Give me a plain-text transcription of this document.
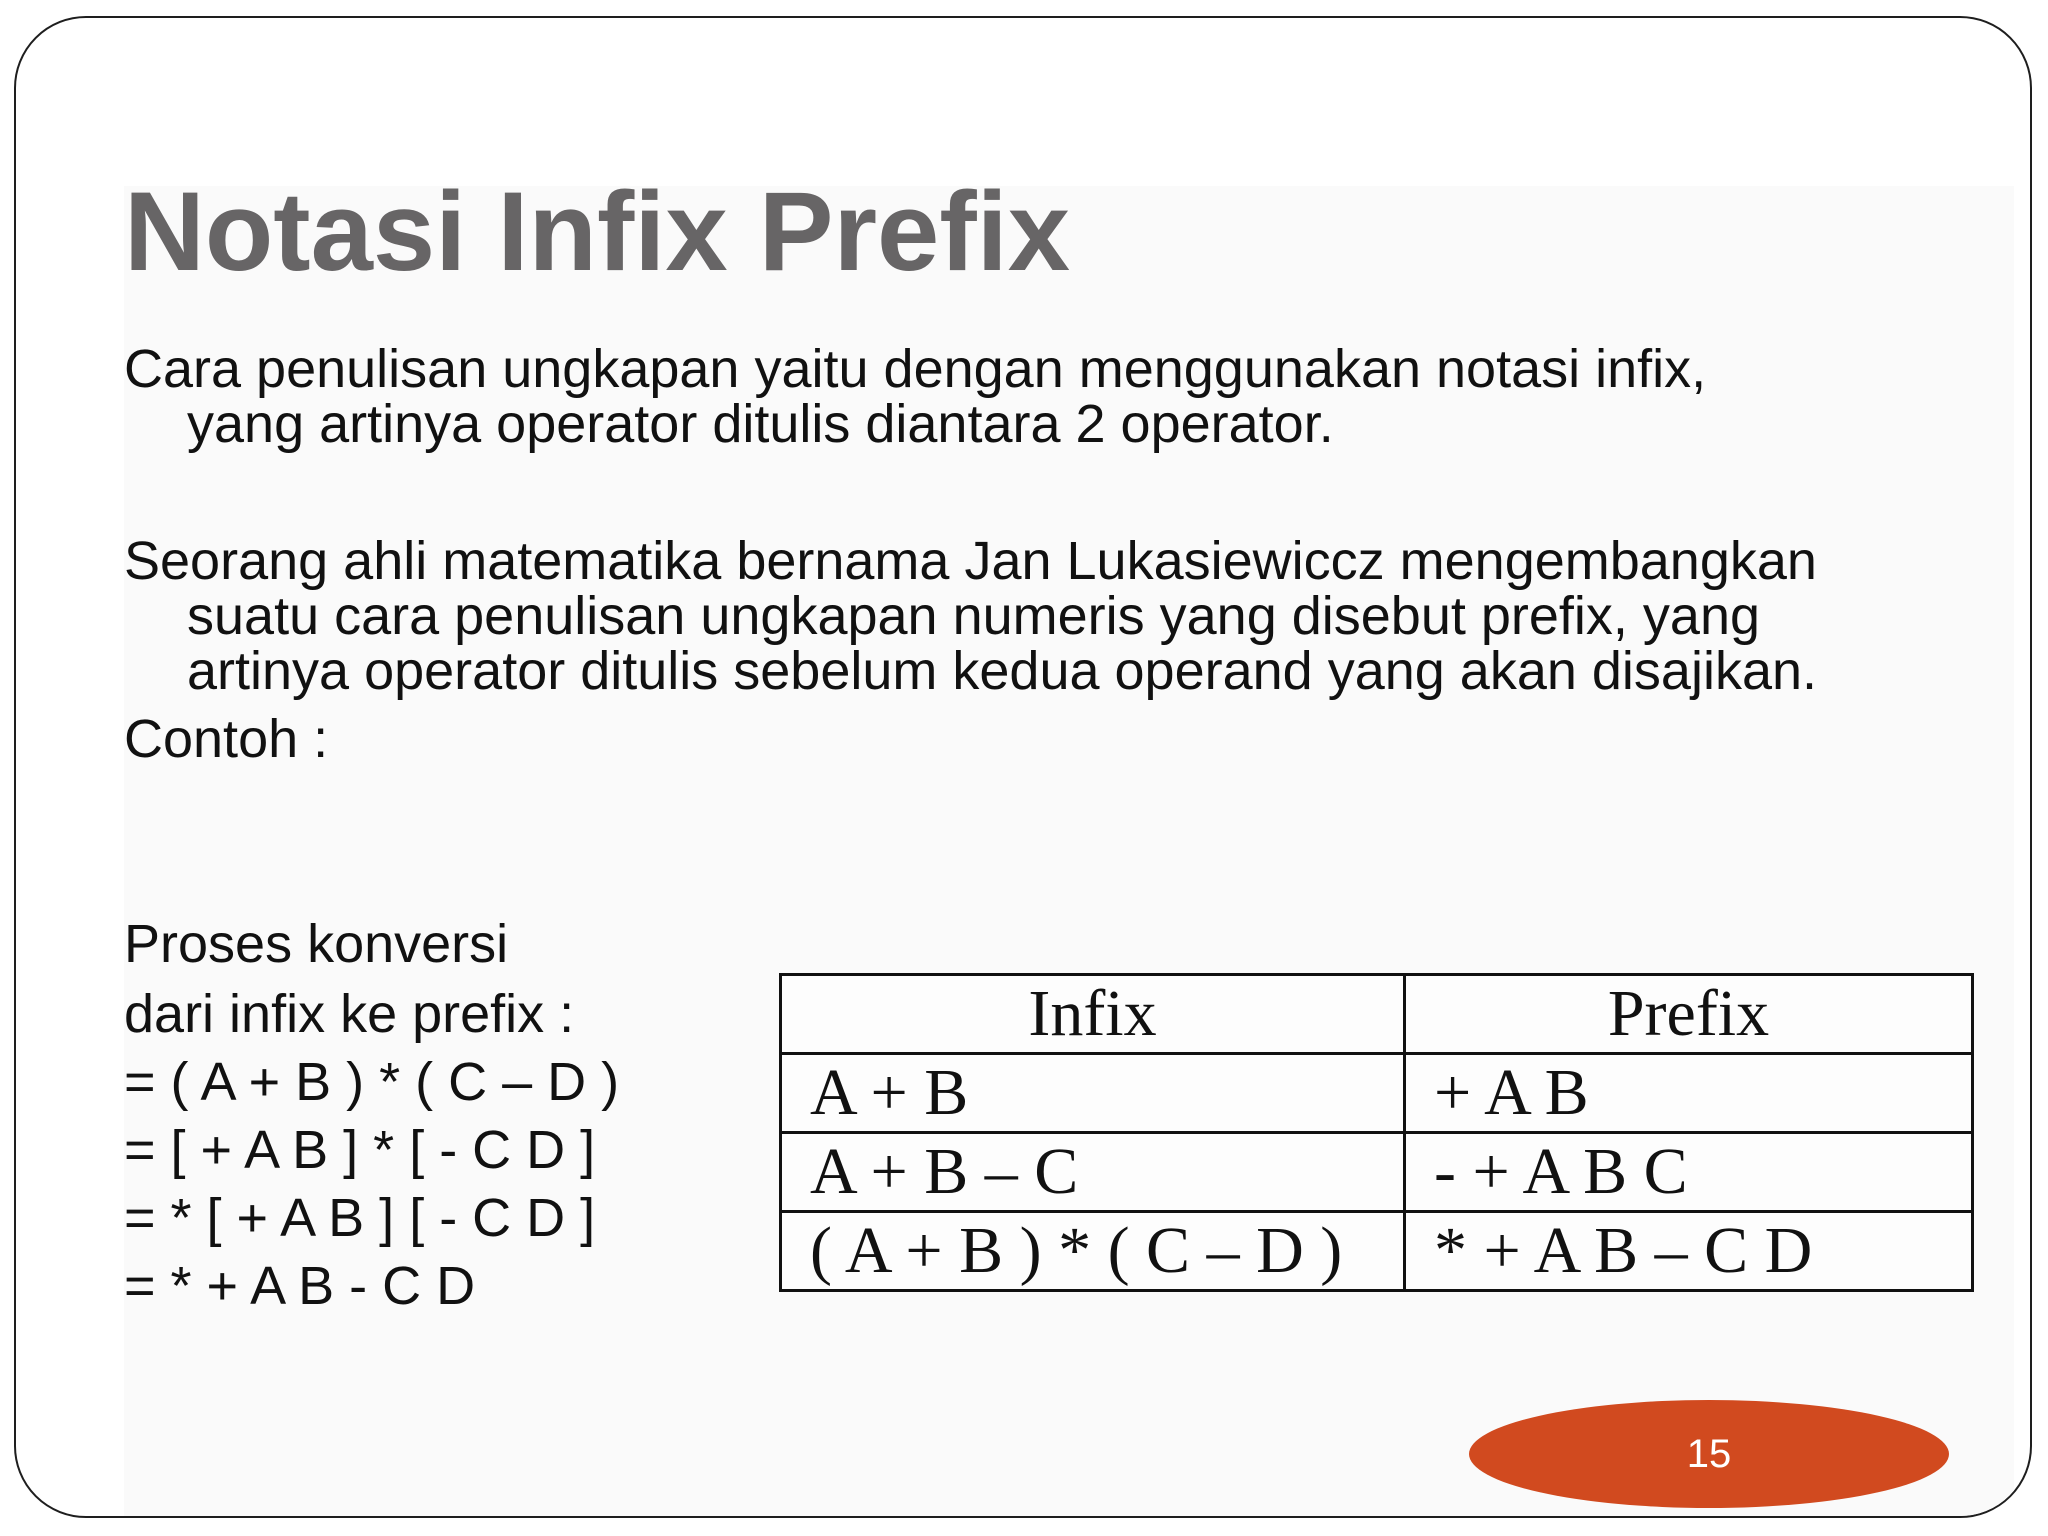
Notasi Infix Prefix

Cara penulisan ungkapan yaitu dengan menggunakan notasi infix,
yang artinya operator ditulis diantara 2 operator.

Seorang ahli matematika bernama Jan Lukasiewiccz mengembangkan
suatu cara penulisan ungkapan numeris yang disebut prefix, yang
artinya operator ditulis sebelum kedua operand yang akan disajikan.

Contoh :

Proses konversi

dari infix ke prefix :

= ( A + B ) * ( C – D )

= [ + A B ] * [ - C D ]

= * [ + A B ] [ - C D ]

= * + A B - C D

Infix	Prefix
A + B	+ A B
A + B – C	- + A B C
( A + B ) * ( C – D )	* + A B – C D
15
